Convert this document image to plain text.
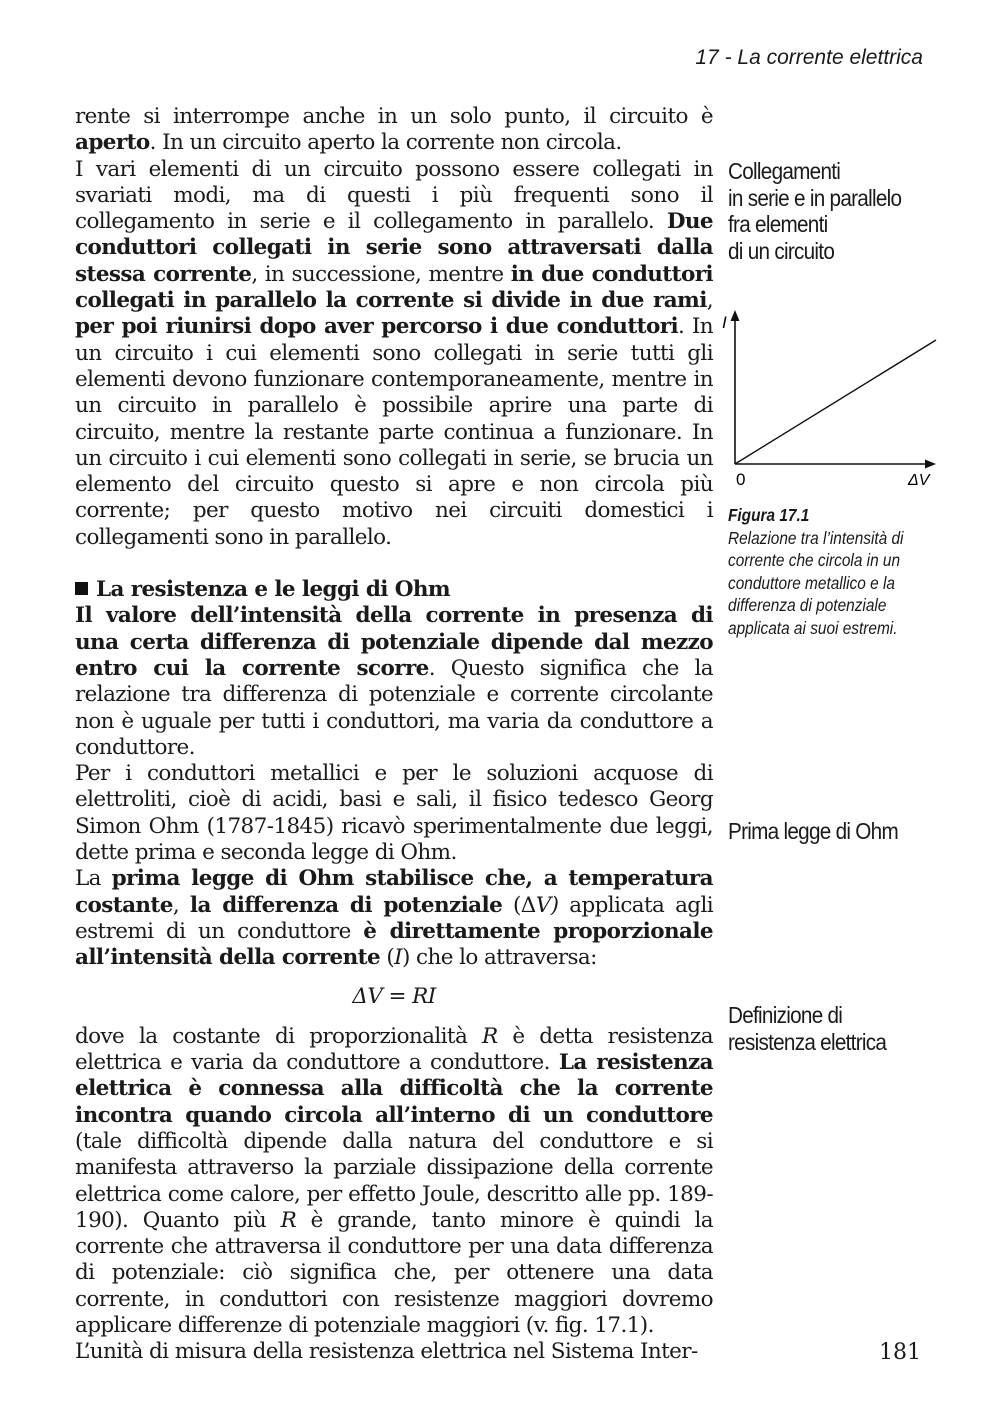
17 - La corrente elettrica

rente si interrompe anche in un solo punto, il circuito è aperto. In un circuito aperto la corrente non circola.

I vari elementi di un circuito possono essere collegati in svariati modi, ma di questi i più frequenti sono il collegamento in serie e il collegamento in parallelo. Due conduttori collegati in serie sono attraversati dalla stessa corrente, in successione, mentre in due conduttori collegati in parallelo la corrente si divide in due rami, per poi riunirsi dopo aver percorso i due conduttori. In un circuito i cui elementi sono collegati in serie tutti gli elementi devono funzionare contemporaneamente, mentre in un circuito in parallelo è possibile aprire una parte di circuito, mentre la restante parte continua a funzionare. In un circuito i cui elementi sono collegati in serie, se brucia un elemento del circuito questo si apre e non circola più corrente; per questo motivo nei circuiti domestici i collegamenti sono in parallelo.

La resistenza e le leggi di Ohm

Il valore dell’intensità della corrente in presenza di una certa differenza di potenziale dipende dal mezzo entro cui la corrente scorre. Questo significa che la relazione tra differenza di potenziale e corrente circolante non è uguale per tutti i conduttori, ma varia da conduttore a conduttore.

Per i conduttori metallici e per le soluzioni acquose di elettroliti, cioè di acidi, basi e sali, il fisico tedesco Georg Simon Ohm (1787-1845) ricavò sperimentalmente due leggi, dette prima e seconda legge di Ohm.

La prima legge di Ohm stabilisce che, a temperatura costante, la differenza di potenziale (ΔV) applicata agli estremi di un conduttore è direttamente proporzionale all’intensità della corrente (I) che lo attraversa:

ΔV = RI

dove la costante di proporzionalità R è detta resistenza elettrica e varia da conduttore a conduttore. La resistenza elettrica è connessa alla difficoltà che la corrente incontra quando circola all’interno di un conduttore (tale difficoltà dipende dalla natura del conduttore e si manifesta attraverso la parziale dissipazione della corrente elettrica come calore, per effetto Joule, descritto alle pp. 189-190). Quanto più R è grande, tanto minore è quindi la corrente che attraversa il conduttore per una data differenza di potenziale: ciò significa che, per ottenere una data corrente, in conduttori con resistenze maggiori dovremo applicare differenze di potenziale maggiori (v. fig. 17.1).

L’unità di misura della resistenza elettrica nel Sistema Inter-

Collegamenti
in serie e in parallelo
fra elementi
di un circuito
Prima legge di Ohm
Definizione di
resistenza elettrica
I
0	ΔV
Figura 17.1
Relazione tra l’intensità di corrente che circola in un conduttore metallico e la differenza di potenziale applicata ai suoi estremi.
181
